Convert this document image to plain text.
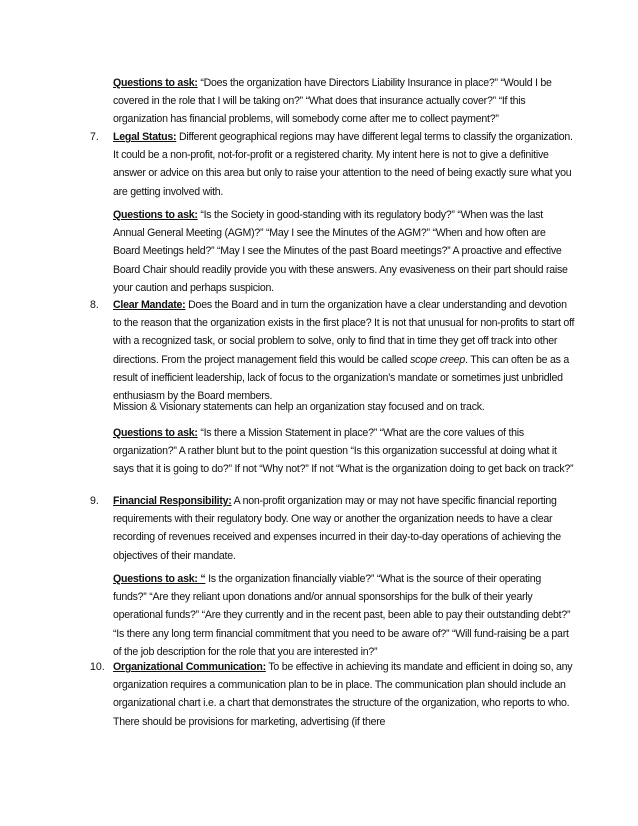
Questions to ask: “Does the organization have Directors Liability Insurance in place?” “Would I be covered in the role that I will be taking on?” “What does that insurance actually cover?” “If this organization has financial problems, will somebody come after me to collect payment?”

7. Legal Status: Different geographical regions may have different legal terms to classify the organization. It could be a non-profit, not-for-profit or a registered charity. My intent here is not to give a definitive answer or advice on this area but only to raise your attention to the need of being exactly sure what you are getting involved with.

Questions to ask: “Is the Society in good-standing with its regulatory body?” “When was the last Annual General Meeting (AGM)?” “May I see the Minutes of the AGM?” “When and how often are Board Meetings held?” “May I see the Minutes of the past Board meetings?” A proactive and effective Board Chair should readily provide you with these answers. Any evasiveness on their part should raise your caution and perhaps suspicion.

8. Clear Mandate: Does the Board and in turn the organization have a clear understanding and devotion to the reason that the organization exists in the first place? It is not that unusual for non-profits to start off with a recognized task, or social problem to solve, only to find that in time they get off track into other directions. From the project management field this would be called scope creep. This can often be as a result of inefficient leadership, lack of focus to the organization’s mandate or sometimes just unbridled enthusiasm by the Board members.

Mission & Visionary statements can help an organization stay focused and on track.

Questions to ask: “Is there a Mission Statement in place?” “What are the core values of this organization?” A rather blunt but to the point question “Is this organization successful at doing what it says that it is going to do?” If not “Why not?” If not “What is the organization doing to get back on track?”

9. Financial Responsibility: A non-profit organization may or may not have specific financial reporting requirements with their regulatory body. One way or another the organization needs to have a clear recording of revenues received and expenses incurred in their day-to-day operations of achieving the objectives of their mandate.

Questions to ask: “ Is the organization financially viable?” “What is the source of their operating funds?” “Are they reliant upon donations and/or annual sponsorships for the bulk of their yearly operational funds?” “Are they currently and in the recent past, been able to pay their outstanding debt?” “Is there any long term financial commitment that you need to be aware of?” “Will fund-raising be a part of the job description for the role that you are interested in?”

10. Organizational Communication: To be effective in achieving its mandate and efficient in doing so, any organization requires a communication plan to be in place. The communication plan should include an organizational chart i.e. a chart that demonstrates the structure of the organization, who reports to who. There should be provisions for marketing, advertising (if there
